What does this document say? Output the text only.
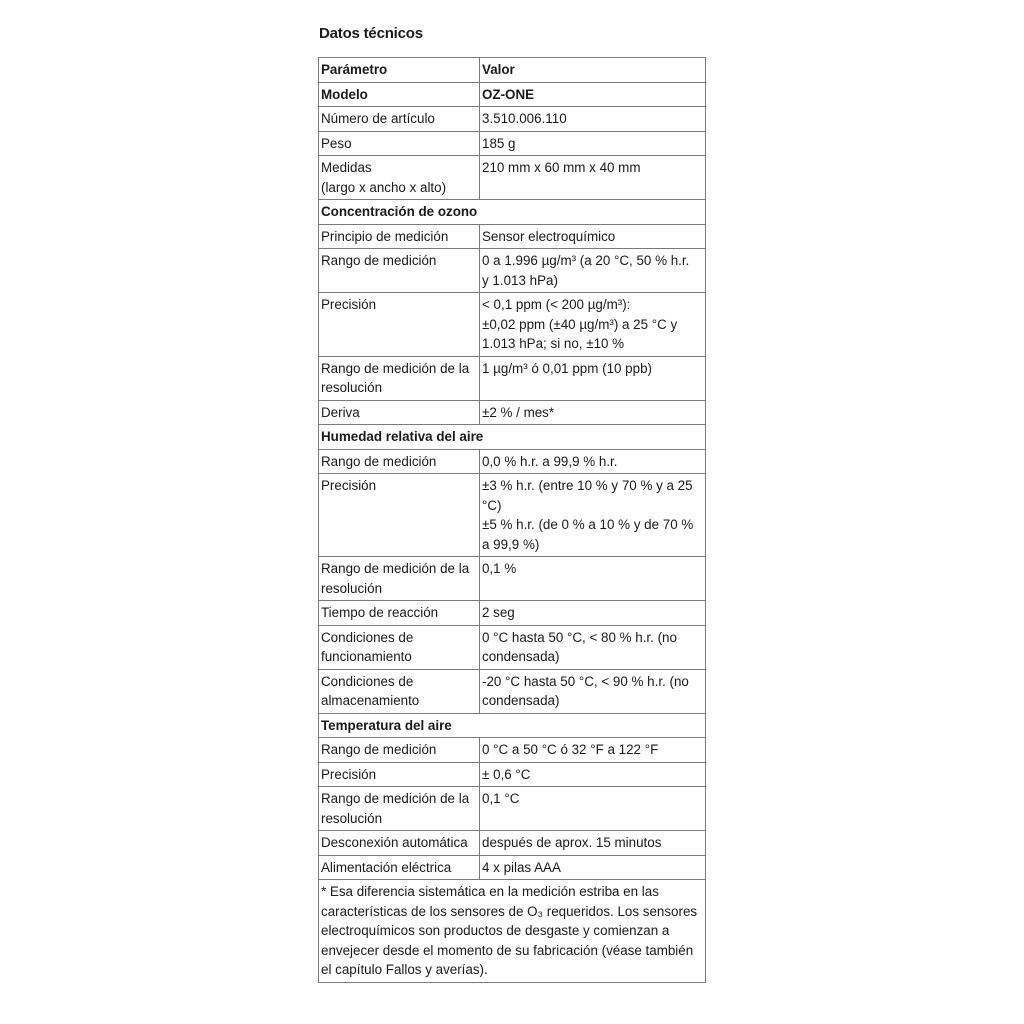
Datos técnicos
Parámetro	Valor
Modelo	OZ-ONE
Número de artículo	3.510.006.110
Peso	185 g
Medidas
(largo x ancho x alto)	210 mm x 60 mm x 40 mm
Concentración de ozono	
Principio de medición	Sensor electroquímico
Rango de medición	0 a 1.996 µg/m³ (a 20 °C, 50 % h.r.
y 1.013 hPa)
Precisión	< 0,1 ppm (< 200 µg/m³):
±0,02 ppm (±40 µg/m³) a 25 °C y
1.013 hPa; si no, ±10 %
Rango de medición de la
resolución	1 µg/m³ ó 0,01 ppm (10 ppb)
Deriva	±2 % / mes*
Humedad relativa del aire	
Rango de medición	0,0 % h.r. a 99,9 % h.r.
Precisión	±3 % h.r. (entre 10 % y 70 % y a 25
°C)
±5 % h.r. (de 0 % a 10 % y de 70 %
a 99,9 %)
Rango de medición de la
resolución	0,1 %
Tiempo de reacción	2 seg
Condiciones de
funcionamiento	0 °C hasta 50 °C, < 80 % h.r. (no
condensada)
Condiciones de
almacenamiento	-20 °C hasta 50 °C, < 90 % h.r. (no
condensada)
Temperatura del aire	
Rango de medición	0 °C a 50 °C ó 32 °F a 122 °F
Precisión	± 0,6 °C
Rango de medición de la
resolución	0,1 °C
Desconexión automática	después de aprox. 15 minutos
Alimentación eléctrica	4 x pilas AAA
* Esa diferencia sistemática en la medición estriba en las
características de los sensores de O₃ requeridos. Los sensores
electroquímicos son productos de desgaste y comienzan a
envejecer desde el momento de su fabricación (véase también
el capítulo Fallos y averías).	
